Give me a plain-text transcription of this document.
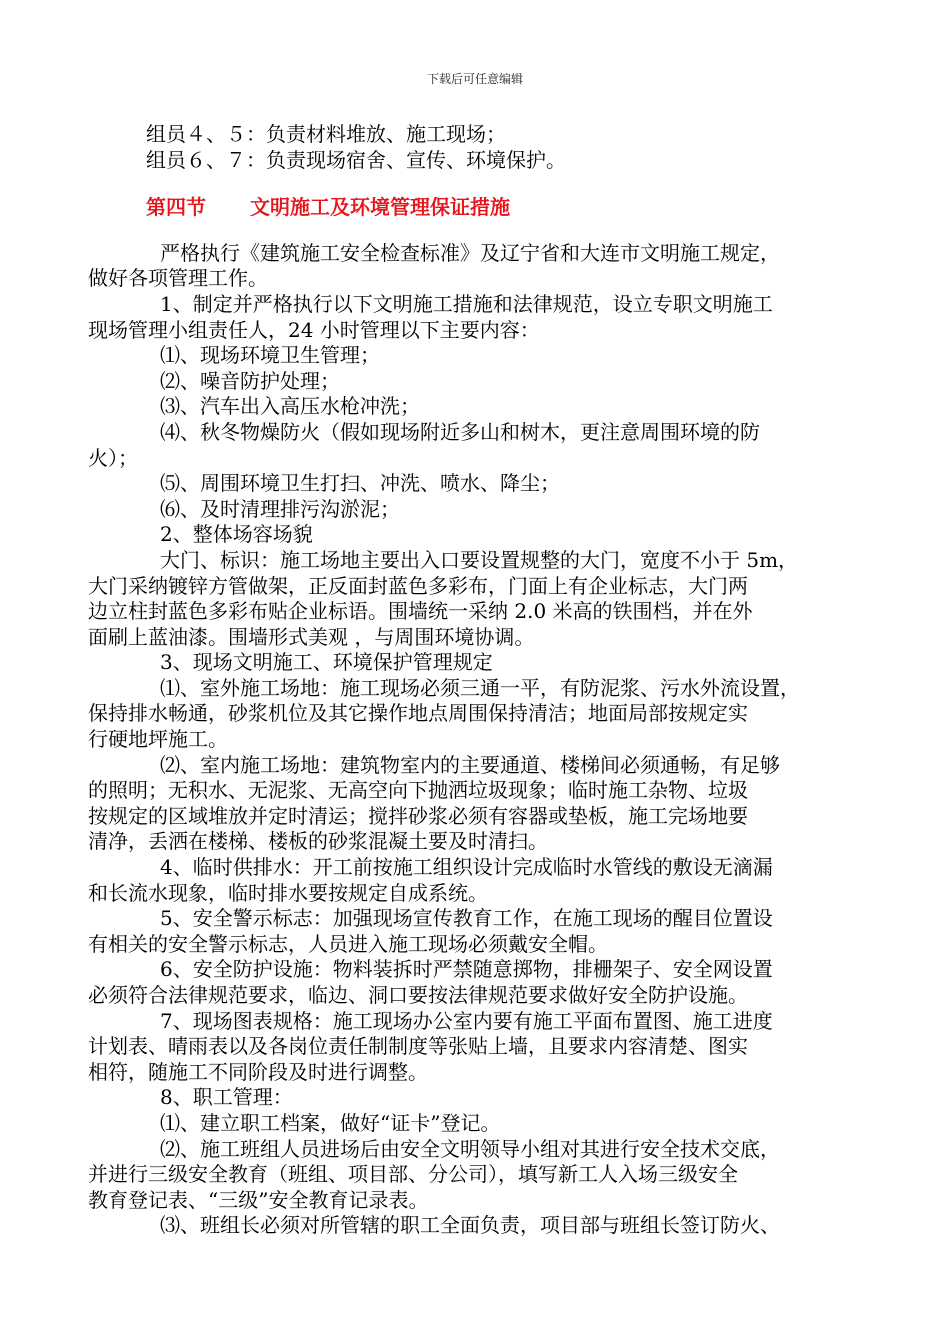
下载后可任意编辑

组员４、５：负责材料堆放、施工现场；

组员６、７：负责现场宿舍、宣传、环境保护。

第四节 文明施工及环境管理保证措施

严格执行《建筑施工安全检查标准》及辽宁省和大连市文明施工规定，

做好各项管理工作。

1、制定并严格执行以下文明施工措施和法律规范，设立专职文明施工

现场管理小组责任人，24 小时管理以下主要内容：

⑴、现场环境卫生管理；

⑵、噪音防护处理；

⑶、汽车出入高压水枪冲洗；

⑷、秋冬物燥防火（假如现场附近多山和树木，更注意周围环境的防

火）；

⑸、周围环境卫生打扫、冲洗、喷水、降尘；

⑹、及时清理排污沟淤泥；

2、整体场容场貌

大门、标识：施工场地主要出入口要设置规整的大门，宽度不小于 5m，

大门采纳镀锌方管做架，正反面封蓝色多彩布，门面上有企业标志，大门两

边立柱封蓝色多彩布贴企业标语。围墙统一采纳 2.0 米高的铁围档，并在外

面刷上蓝油漆。围墙形式美观 ，与周围环境协调。

3、现场文明施工、环境保护管理规定

⑴、室外施工场地：施工现场必须三通一平，有防泥浆、污水外流设置，

保持排水畅通，砂浆机位及其它操作地点周围保持清洁；地面局部按规定实

行硬地坪施工。

⑵、室内施工场地：建筑物室内的主要通道、楼梯间必须通畅，有足够

的照明；无积水、无泥浆、无高空向下抛洒垃圾现象；临时施工杂物、垃圾

按规定的区域堆放并定时清运；搅拌砂浆必须有容器或垫板，施工完场地要

清净，丢洒在楼梯、楼板的砂浆混凝土要及时清扫。

4、临时供排水：开工前按施工组织设计完成临时水管线的敷设无滴漏

和长流水现象，临时排水要按规定自成系统。

5、安全警示标志：加强现场宣传教育工作，在施工现场的醒目位置设

有相关的安全警示标志，人员进入施工现场必须戴安全帽。

6、安全防护设施：物料装拆时严禁随意掷物，排栅架子、安全网设置

必须符合法律规范要求，临边、洞口要按法律规范要求做好安全防护设施。

7、现场图表规格：施工现场办公室内要有施工平面布置图、施工进度

计划表、晴雨表以及各岗位责任制制度等张贴上墙，且要求内容清楚、图实

相符，随施工不同阶段及时进行调整。

8、职工管理：

⑴、建立职工档案，做好“证卡”登记。

⑵、施工班组人员进场后由安全文明领导小组对其进行安全技术交底，

并进行三级安全教育（班组、项目部、分公司），填写新工人入场三级安全

教育登记表、“三级”安全教育记录表。

⑶、班组长必须对所管辖的职工全面负责，项目部与班组长签订防火、
